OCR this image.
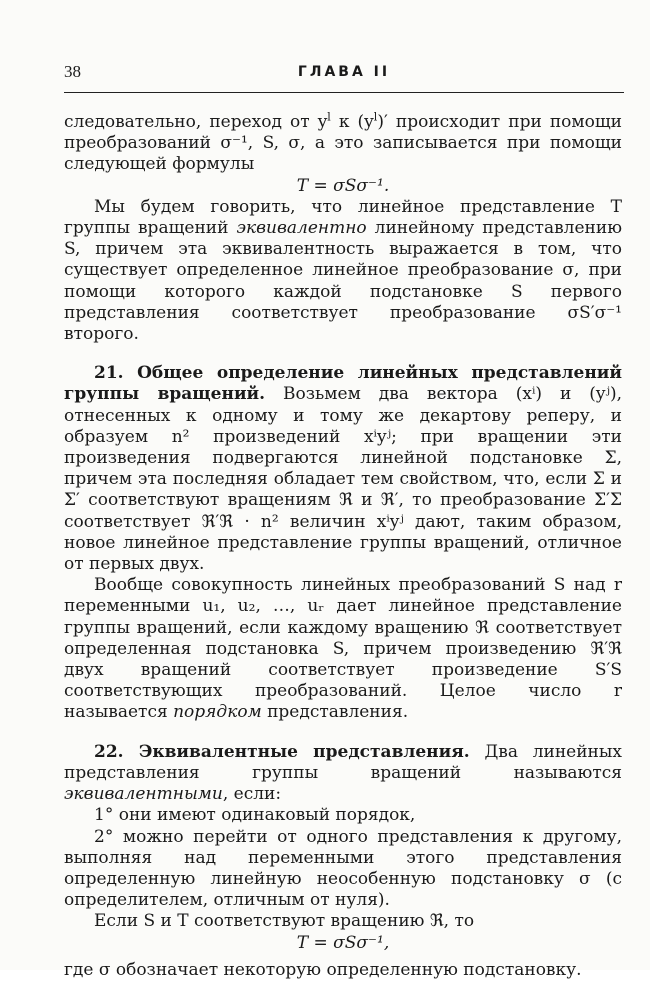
38	ГЛАВА II

следовательно, переход от $y^l$ к $(y^l)'$ происходит при помощи преобразований σ⁻¹, S, σ, а это записывается при помощи следующей формулы

T = σSσ⁻¹.

Мы будем говорить, что линейное представление T группы вращений эквивалентно линейному представлению S, причем эта эквивалентность выражается в том, что существует определенное линейное преобразование σ, при помощи которого каждой подстановке S первого представления соответствует преобразование σS′σ⁻¹ второго.

21. Общее определение линейных представлений группы вращений. Возьмем два вектора (xⁱ) и (yʲ), отнесенных к одному и тому же декартову реперу, и образуем n² произведений xⁱyʲ; при вращении эти произведения подвергаются линейной подстановке Σ, причем эта последняя обладает тем свойством, что, если Σ и Σ′ соответствуют вращениям ℜ и ℜ′, то преобразование Σ′Σ соответствует ℜ′ℜ · n² величин xⁱyʲ дают, таким образом, новое линейное представление группы вращений, отличное от первых двух.

Вообще совокупность линейных преобразований S над r переменными u₁, u₂, …, uᵣ дает линейное представление группы вращений, если каждому вращению ℜ соответствует определенная подстановка S, причем произведению ℜ′ℜ двух вращений соответствует произведение S′S соответствующих преобразований. Целое число r называется порядком представления.

22. Эквивалентные представления. Два линейных представления группы вращений называются эквивалентными, если:

1° они имеют одинаковый порядок,

2° можно перейти от одного представления к другому, выполняя над переменными этого представления определенную линейную неособенную подстановку σ (с определителем, отличным от нуля).

Если S и T соответствуют вращению ℜ, то

T = σSσ⁻¹,

где σ обозначает некоторую определенную подстановку.
